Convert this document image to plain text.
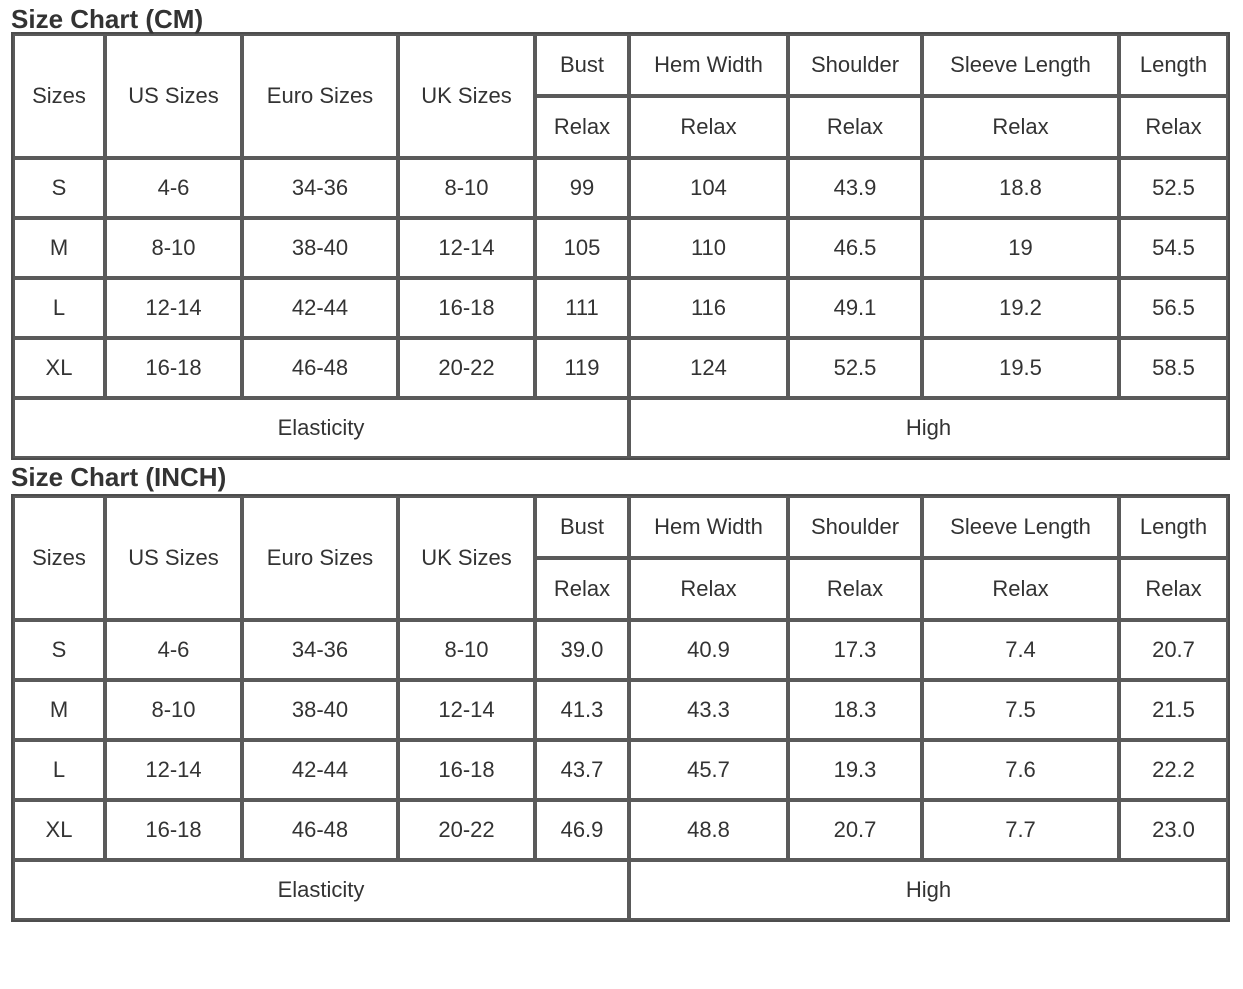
Size Chart (CM)
Sizes	US Sizes	Euro Sizes	UK Sizes	Bust	Hem Width	Shoulder	Sleeve Length	Length
				Relax	Relax	Relax	Relax	Relax
S	4-6	34-36	8-10	99	104	43.9	18.8	52.5
M	8-10	38-40	12-14	105	110	46.5	19	54.5
L	12-14	42-44	16-18	111	116	49.1	19.2	56.5
XL	16-18	46-48	20-22	119	124	52.5	19.5	58.5
Elasticity					High			
Size Chart (INCH)
Sizes	US Sizes	Euro Sizes	UK Sizes	Bust	Hem Width	Shoulder	Sleeve Length	Length
				Relax	Relax	Relax	Relax	Relax
S	4-6	34-36	8-10	39.0	40.9	17.3	7.4	20.7
M	8-10	38-40	12-14	41.3	43.3	18.3	7.5	21.5
L	12-14	42-44	16-18	43.7	45.7	19.3	7.6	22.2
XL	16-18	46-48	20-22	46.9	48.8	20.7	7.7	23.0
Elasticity					High			
